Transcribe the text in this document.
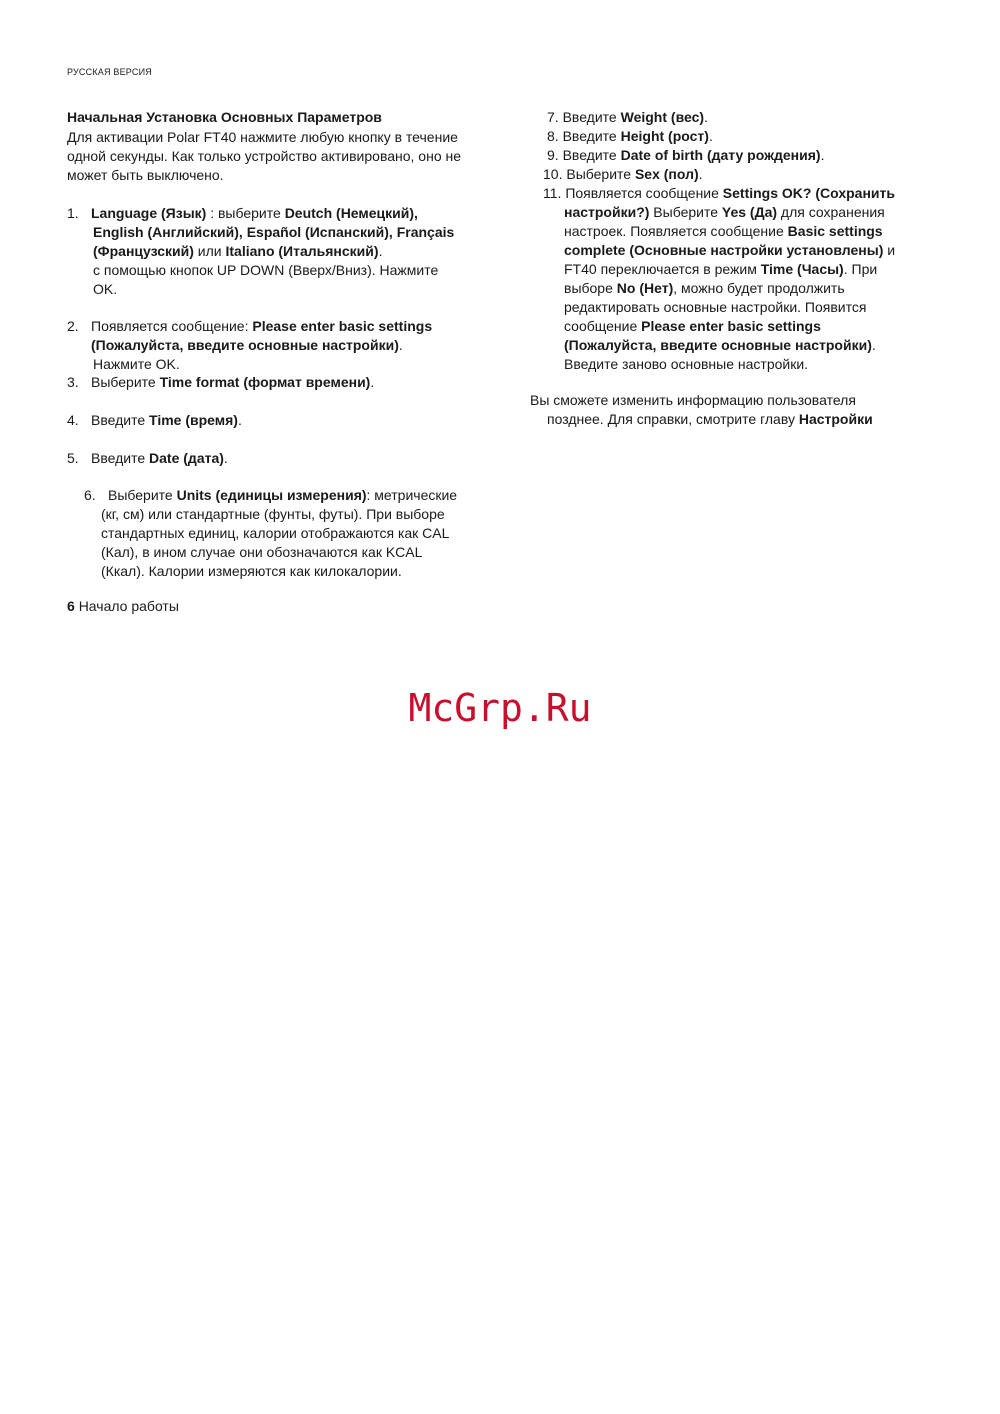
РУССКАЯ ВЕРСИЯ
Начальная Установка Основных Параметров
Для активации Polar FT40 нажмите любую кнопку в течение одной секунды. Как только устройство активировано, оно не может быть выключено.
1. Language (Язык) : выберите Deutch (Немецкий),
English (Английский), Español (Испанский), Français
(Французский) или Italiano (Итальянский).
с помощью кнопок UP DOWN (Вверх/Вниз). Нажмите
OK.
2. Появляется сообщение: Please enter basic settings
(Пожалуйста, введите основные настройки).
Нажмите OK.
3. Выберите Time format (формат времени).
4. Введите Time (время).
5. Введите Date (дата).
6. Выберите Units (единицы измерения): метрические
(кг, см) или стандартные (фунты, футы). При выборе
стандартных единиц, калории отображаются как CAL
(Кал), в ином случае они обозначаются как KCAL
(Ккал). Калории измеряются как килокалории.
7. Введите Weight (вес).
8. Введите Height (рост).
9. Введите Date of birth (дату рождения).
10. Выберите Sex (пол).
11. Появляется сообщение Settings OK? (Сохранить
настройки?) Выберите Yes (Да) для сохранения
настроек. Появляется сообщение Basic settings
complete (Основные настройки установлены) и
FT40 переключается в режим Time (Часы). При
выборе No (Нет), можно будет продолжить
редактировать основные настройки. Появится
сообщение Please enter basic settings
(Пожалуйста, введите основные настройки).
Введите заново основные настройки.
Вы сможете изменить информацию пользователя
позднее. Для справки, смотрите главу Настройки
6 Начало работы
McGrp.Ru
